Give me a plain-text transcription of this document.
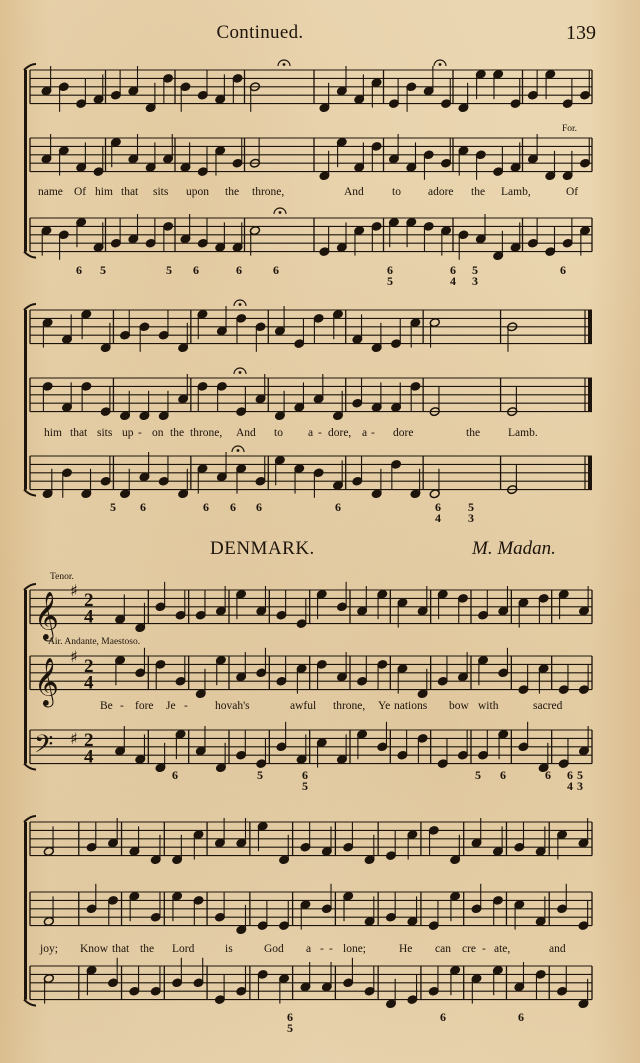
Continued.	139
𝄞
♯ 2
4
𝄞
♯ 2
4
𝄢 ♯ 2
4
For.
name Of him that sits upon the throne,	And to adore the Lamb,	Of
6 5	5 6	6	6	6
5
6
4
5
3
6
him that sits up - on the throne, And to a - dore, a - dore	the Lamb.
5 6	6 6 6	6	6
4
5
3
DENMARK.	M. Madan.
Tenor.
Air. Andante, Maestoso.
Be - fore Je - hovah's	awful throne, Ye nations bow with	sacred
6	5	6
5
5 6	6 6 5
4 3
joy; Know that the Lord	is	God a - - lone;	He can cre - ate,	and
6
5
6	6
